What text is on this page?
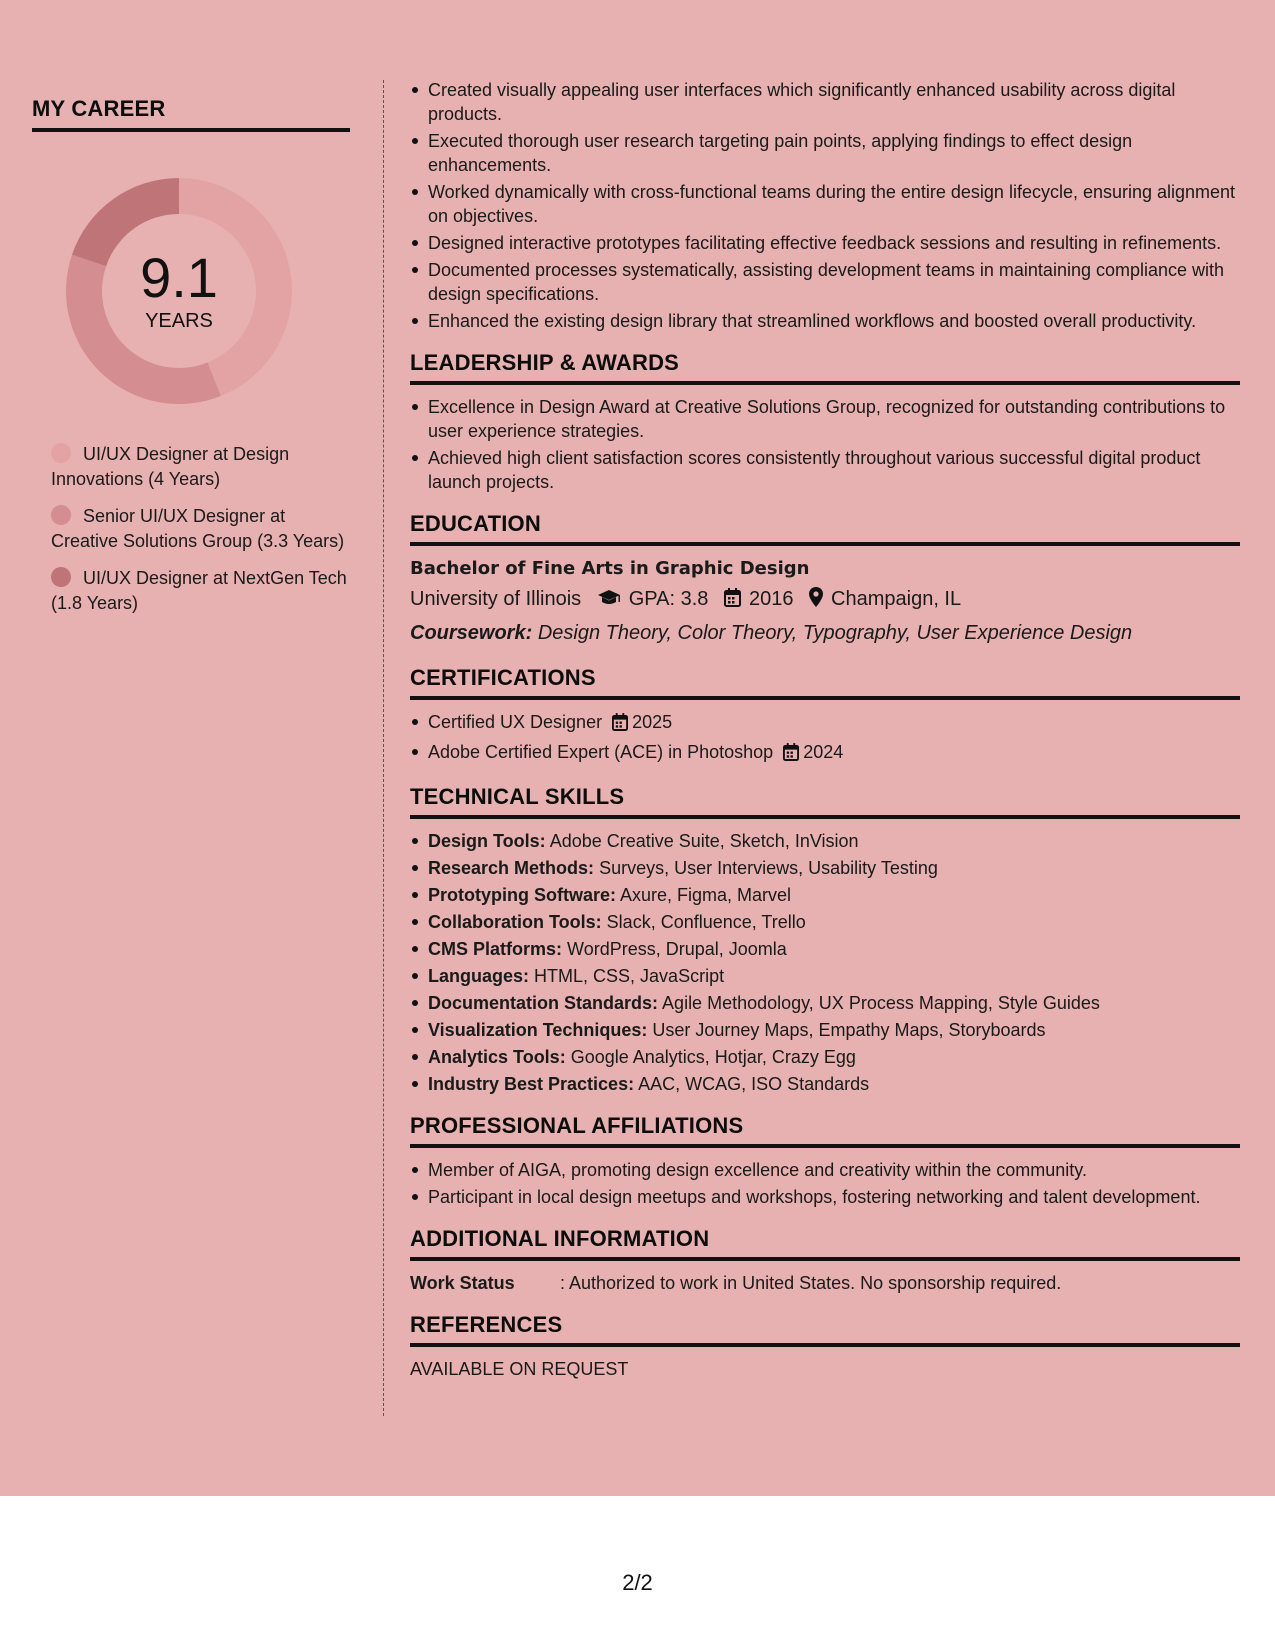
MY CAREER
9.1
YEARS
UI/UX Designer at Design Innovations (4 Years)
Senior UI/UX Designer at Creative Solutions Group (3.3 Years)
UI/UX Designer at NextGen Tech (1.8 Years)
Created visually appealing user interfaces which significantly enhanced usability across digital products.
Executed thorough user research targeting pain points, applying findings to effect design enhancements.
Worked dynamically with cross-functional teams during the entire design lifecycle, ensuring alignment on objectives.
Designed interactive prototypes facilitating effective feedback sessions and resulting in refinements.
Documented processes systematically, assisting development teams in maintaining compliance with design specifications.
Enhanced the existing design library that streamlined workflows and boosted overall productivity.
LEADERSHIP & AWARDS
Excellence in Design Award at Creative Solutions Group, recognized for outstanding contributions to user experience strategies.
Achieved high client satisfaction scores consistently throughout various successful digital product launch projects.
EDUCATION
Bachelor of Fine Arts in Graphic Design
University of Illinois GPA: 3.8 2016 Champaign, IL
Coursework: Design Theory, Color Theory, Typography, User Experience Design
CERTIFICATIONS
Certified UX Designer 2025
Adobe Certified Expert (ACE) in Photoshop 2024
TECHNICAL SKILLS
Design Tools: Adobe Creative Suite, Sketch, InVision
Research Methods: Surveys, User Interviews, Usability Testing
Prototyping Software: Axure, Figma, Marvel
Collaboration Tools: Slack, Confluence, Trello
CMS Platforms: WordPress, Drupal, Joomla
Languages: HTML, CSS, JavaScript
Documentation Standards: Agile Methodology, UX Process Mapping, Style Guides
Visualization Techniques: User Journey Maps, Empathy Maps, Storyboards
Analytics Tools: Google Analytics, Hotjar, Crazy Egg
Industry Best Practices: AAC, WCAG, ISO Standards
PROFESSIONAL AFFILIATIONS
Member of AIGA, promoting design excellence and creativity within the community.
Participant in local design meetups and workshops, fostering networking and talent development.
ADDITIONAL INFORMATION
Work Status	: Authorized to work in United States. No sponsorship required.
REFERENCES
AVAILABLE ON REQUEST
2/2
